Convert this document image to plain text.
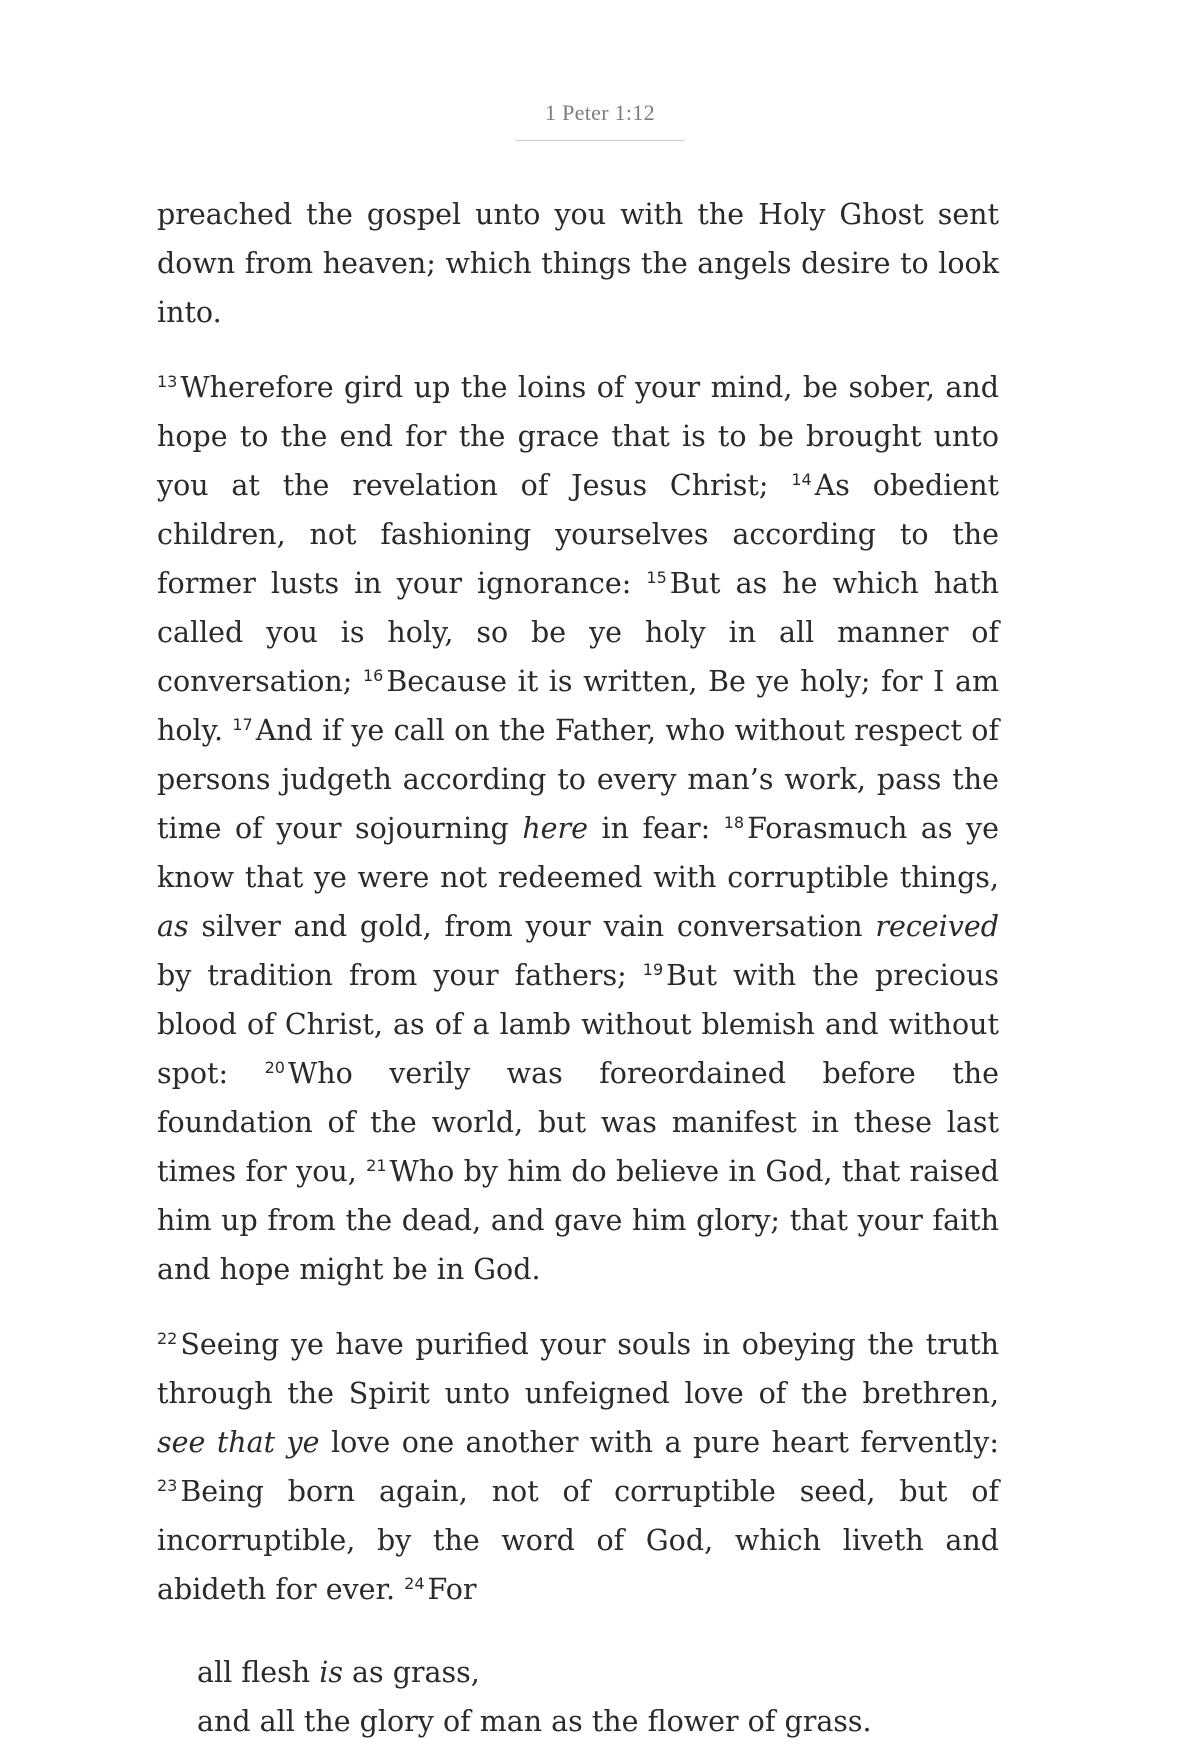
1 Peter 1:12

preached the gospel unto you with the Holy Ghost sent down from heaven; which things the angels desire to look into.

$^{13}$ Wherefore gird up the loins of your mind, be sober, and hope to the end for the grace that is to be brought unto you at the revelation of Jesus Christ; $^{14}$ As obedient children, not fashioning yourselves according to the former lusts in your ignorance: $^{15}$ But as he which hath called you is holy, so be ye holy in all manner of conversation; $^{16}$ Because it is written, Be ye holy; for I am holy. $^{17}$ And if ye call on the Father, who without respect of persons judgeth according to every man’s work, pass the time of your sojourning here in fear: $^{18}$ Forasmuch as ye know that ye were not redeemed with corruptible things, as silver and gold, from your vain conversation received by tradition from your fathers; $^{19}$ But with the precious blood of Christ, as of a lamb without blemish and without spot: $^{20}$ Who verily was foreordained before the foundation of the world, but was manifest in these last times for you, $^{21}$ Who by him do believe in God, that raised him up from the dead, and gave him glory; that your faith and hope might be in God.

$^{22}$ Seeing ye have purified your souls in obeying the truth through the Spirit unto unfeigned love of the brethren, see that ye love one another with a pure heart fervently: $^{23}$ Being born again, not of corruptible seed, but of incorruptible, by the word of God, which liveth and abideth for ever. $^{24}$ For

all flesh is as grass,
and all the glory of man as the flower of grass.
